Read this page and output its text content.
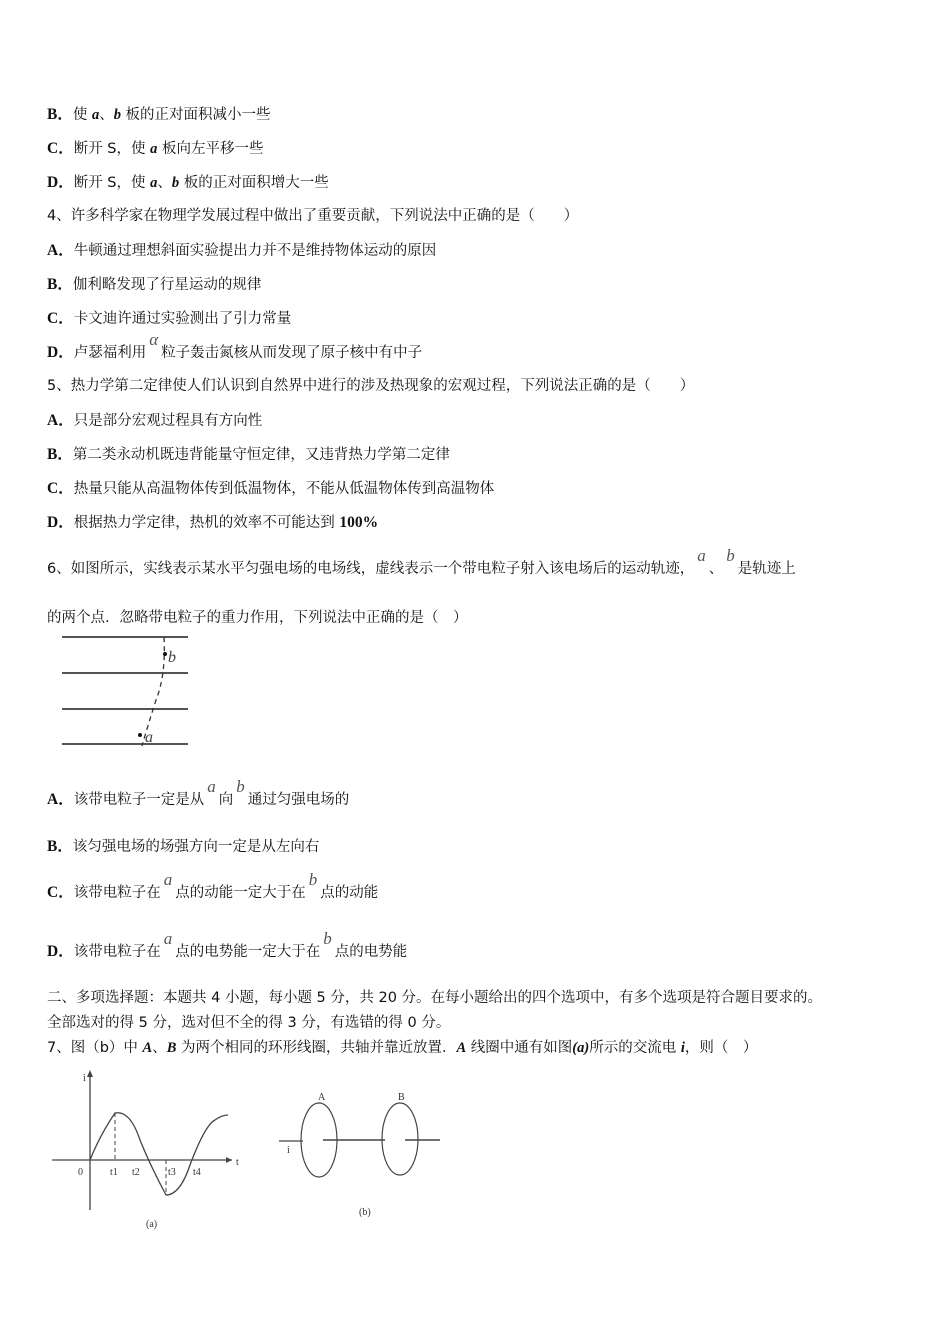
B．使 a、b 板的正对面积减小一些
C．断开 S，使 a 板向左平移一些
D．断开 S，使 a、b 板的正对面积增大一些
4、许多科学家在物理学发展过程中做出了重要贡献，下列说法中正确的是（　　）
A．牛顿通过理想斜面实验提出力并不是维持物体运动的原因
B．伽利略发现了行星运动的规律
C．卡文迪许通过实验测出了引力常量
D．卢瑟福利用α粒子轰击氮核从而发现了原子核中有中子
5、热力学第二定律使人们认识到自然界中进行的涉及热现象的宏观过程，下列说法正确的是（　　）
A．只是部分宏观过程具有方向性
B．第二类永动机既违背能量守恒定律，又违背热力学第二定律
C．热量只能从高温物体传到低温物体，不能从低温物体传到高温物体
D．根据热力学定律，热机的效率不可能达到 100%
6、如图所示，实线表示某水平匀强电场的电场线，虚线表示一个带电粒子射入该电场后的运动轨迹，a、b是轨迹上
的两个点．忽略带电粒子的重力作用，下列说法中正确的是（　）
A．该带电粒子一定是从a向b通过匀强电场的
B．该匀强电场的场强方向一定是从左向右
C．该带电粒子在a点的动能一定大于在b点的动能
D．该带电粒子在a点的电势能一定大于在b点的电势能
二、多项选择题：本题共 4 小题，每小题 5 分，共 20 分。在每小题给出的四个选项中，有多个选项是符合题目要求的。
全部选对的得 5 分，选对但不全的得 3 分，有选错的得 0 分。
7、图（b）中 A、B 为两个相同的环形线圈，共轴并靠近放置．A 线圈中通有如图(a)所示的交流电 i，则（　）
b
a
i
t
0	t1 t2	t3 t4
(a)
A	B
i
(b)
